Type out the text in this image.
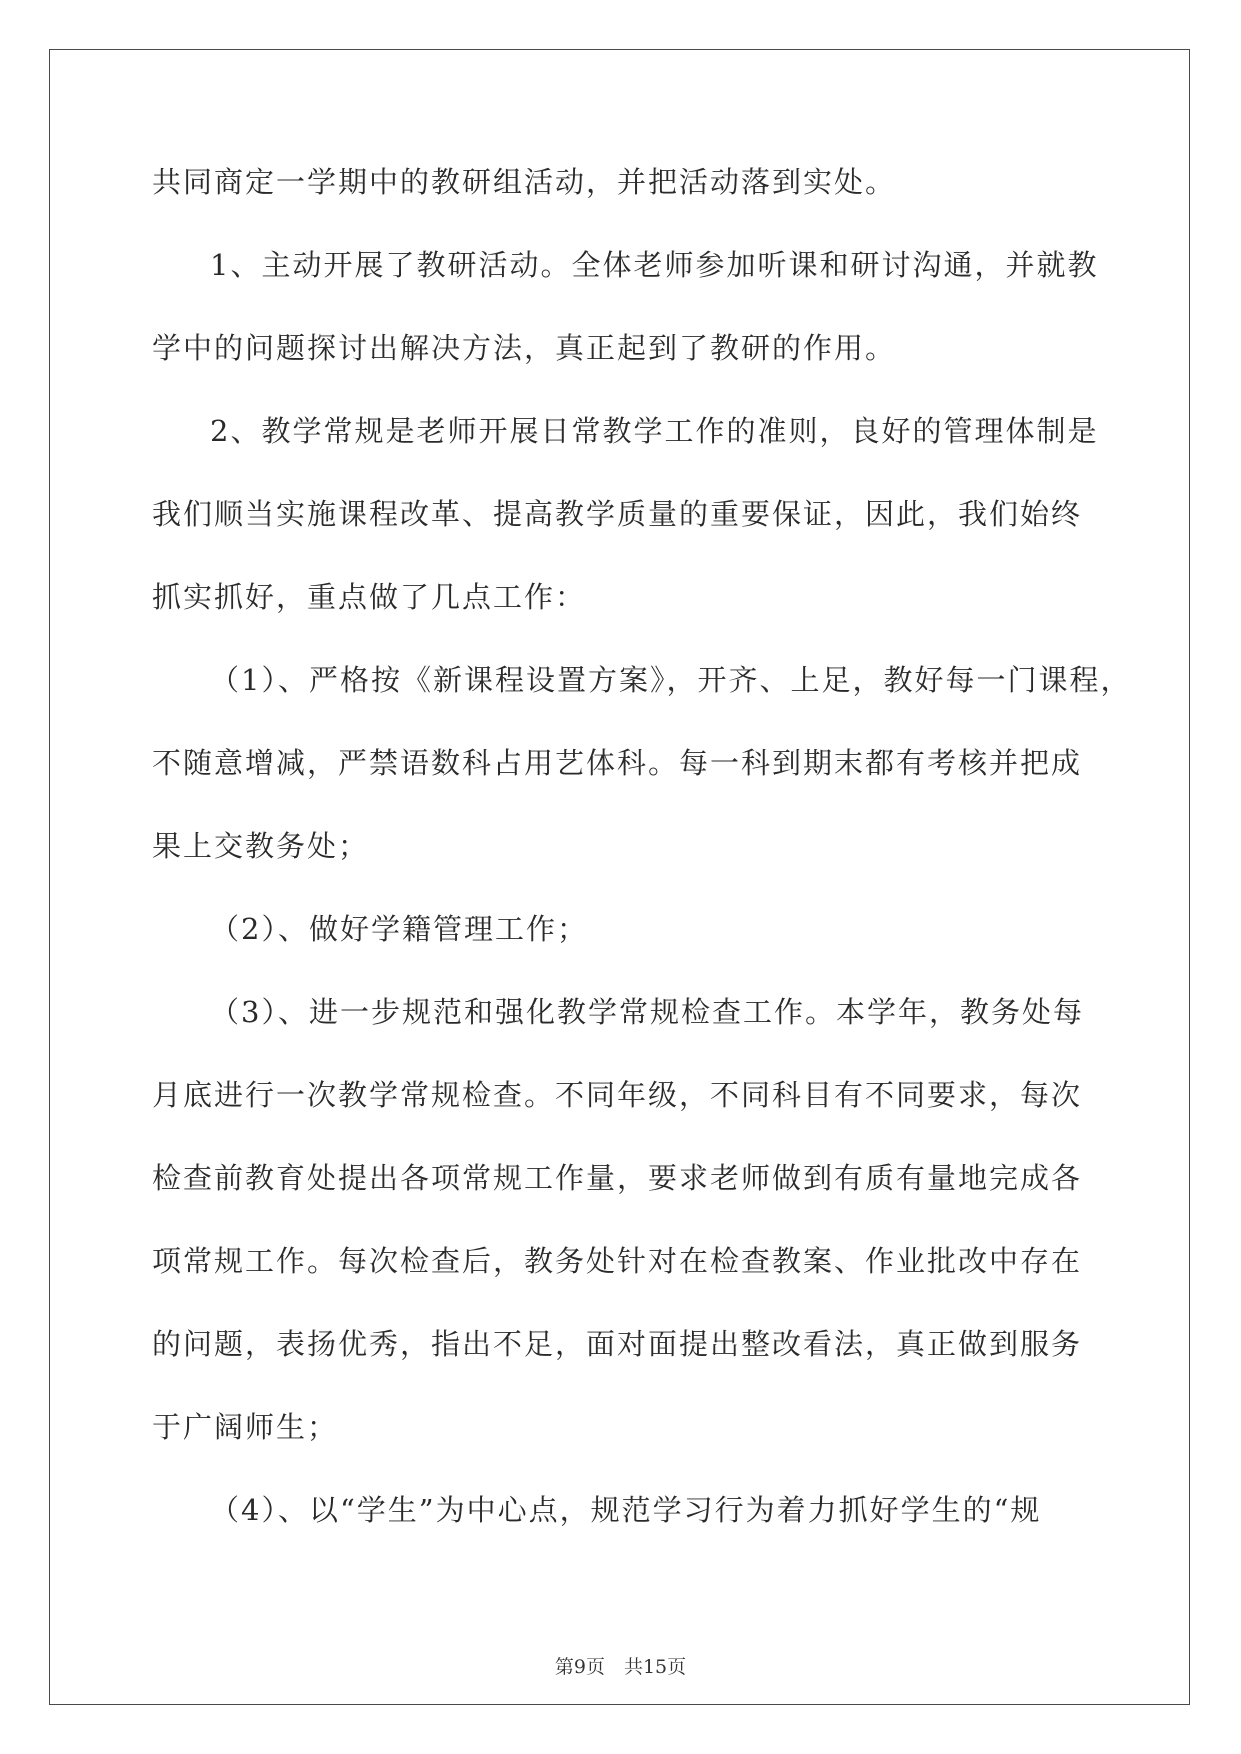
共同商定一学期中的教研组活动，并把活动落到实处。
1、主动开展了教研活动。全体老师参加听课和研讨沟通，并就教
学中的问题探讨出解决方法，真正起到了教研的作用。
2、教学常规是老师开展日常教学工作的准则，良好的管理体制是
我们顺当实施课程改革、提高教学质量的重要保证，因此，我们始终
抓实抓好，重点做了几点工作：
（1）、严格按《新课程设置方案》，开齐、上足，教好每一门课程，
不随意增减，严禁语数科占用艺体科。每一科到期末都有考核并把成
果上交教务处；
（2）、做好学籍管理工作；
（3）、进一步规范和强化教学常规检查工作。本学年，教务处每
月底进行一次教学常规检查。不同年级，不同科目有不同要求，每次
检查前教育处提出各项常规工作量，要求老师做到有质有量地完成各
项常规工作。每次检查后，教务处针对在检查教案、作业批改中存在
的问题，表扬优秀，指出不足，面对面提出整改看法，真正做到服务
于广阔师生；
（4）、以“学生”为中心点，规范学习行为着力抓好学生的“规
第9页　共15页
